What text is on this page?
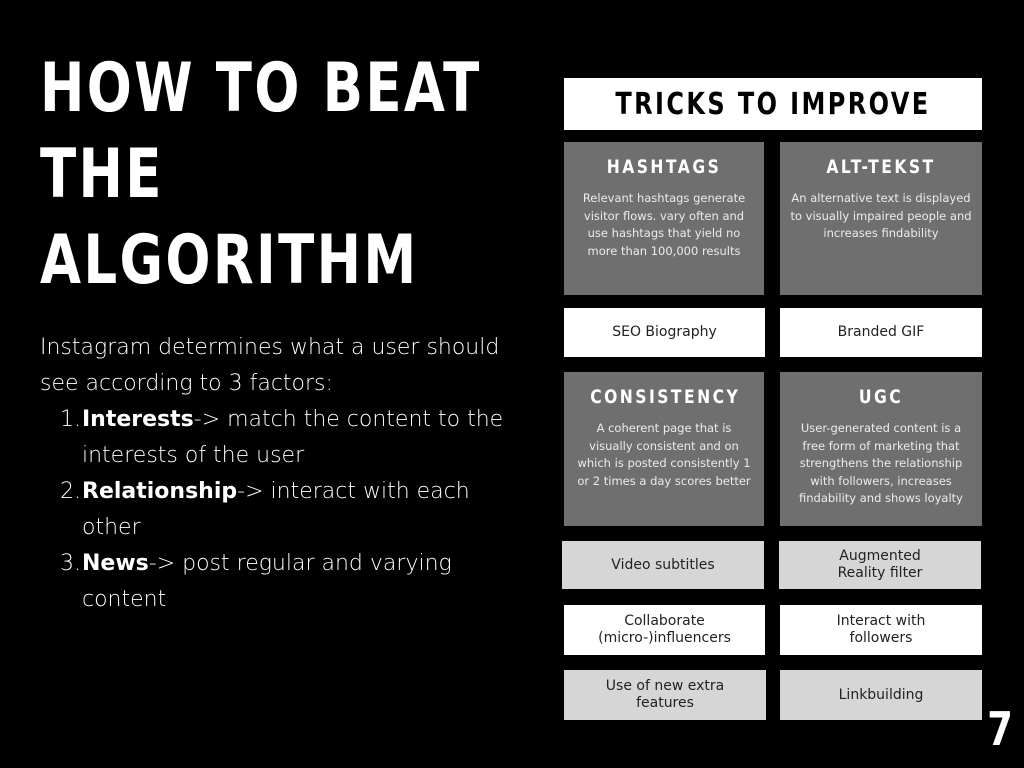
HOW TO BEAT
THE
ALGORITHM

Instagram determines what a user should see according to 3 factors:

1. Interests-> match the content to the interests of the user
2. Relationship-> interact with each other
3. News-> post regular and varying content
TRICKS TO IMPROVE
HASHTAGS

Relevant hashtags generate visitor flows. vary often and use hashtags that yield no more than 100,000 results

ALT-TEKST

An alternative text is displayed to visually impaired people and increases findability

SEO Biography	Branded GIF
CONSISTENCY

A coherent page that is visually consistent and on which is posted consistently 1 or 2 times a day scores better

UGC

User-generated content is a free form of marketing that strengthens the relationship with followers, increases findability and shows loyalty

Video subtitles
Augmented Reality filter
Collaborate (micro-)influencers
Interact with followers
Use of new extra features
Linkbuilding
7
